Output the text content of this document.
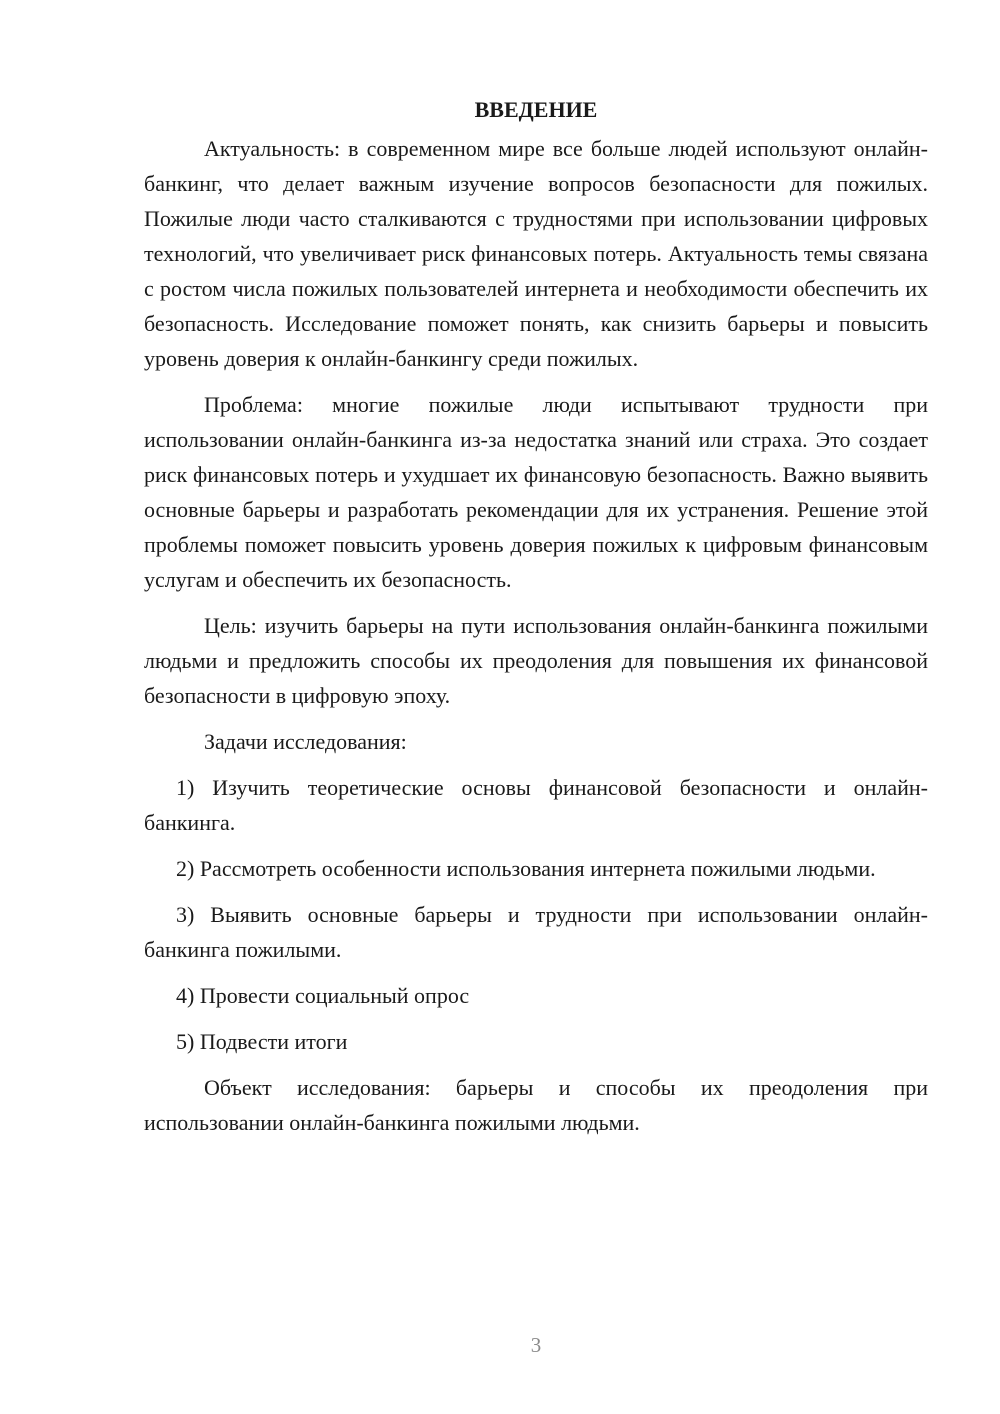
ВВЕДЕНИЕ

Актуальность: в современном мире все больше людей используют онлайн-банкинг, что делает важным изучение вопросов безопасности для пожилых. Пожилые люди часто сталкиваются с трудностями при использовании цифровых технологий, что увеличивает риск финансовых потерь. Актуальность темы связана с ростом числа пожилых пользователей интернета и необходимости обеспечить их безопасность. Исследование поможет понять, как снизить барьеры и повысить уровень доверия к онлайн-банкингу среди пожилых.

Проблема: многие пожилые люди испытывают трудности при использовании онлайн-банкинга из-за недостатка знаний или страха. Это создает риск финансовых потерь и ухудшает их финансовую безопасность. Важно выявить основные барьеры и разработать рекомендации для их устранения. Решение этой проблемы поможет повысить уровень доверия пожилых к цифровым финансовым услугам и обеспечить их безопасность.

Цель: изучить барьеры на пути использования онлайн-банкинга пожилыми людьми и предложить способы их преодоления для повышения их финансовой безопасности в цифровую эпоху.

Задачи исследования:

1) Изучить теоретические основы финансовой безопасности и онлайн-банкинга.

2) Рассмотреть особенности использования интернета пожилыми людьми.

3) Выявить основные барьеры и трудности при использовании онлайн-банкинга пожилыми.

4) Провести социальный опрос

5) Подвести итоги

Объект исследования: барьеры и способы их преодоления при использовании онлайн-банкинга пожилыми людьми.

3
